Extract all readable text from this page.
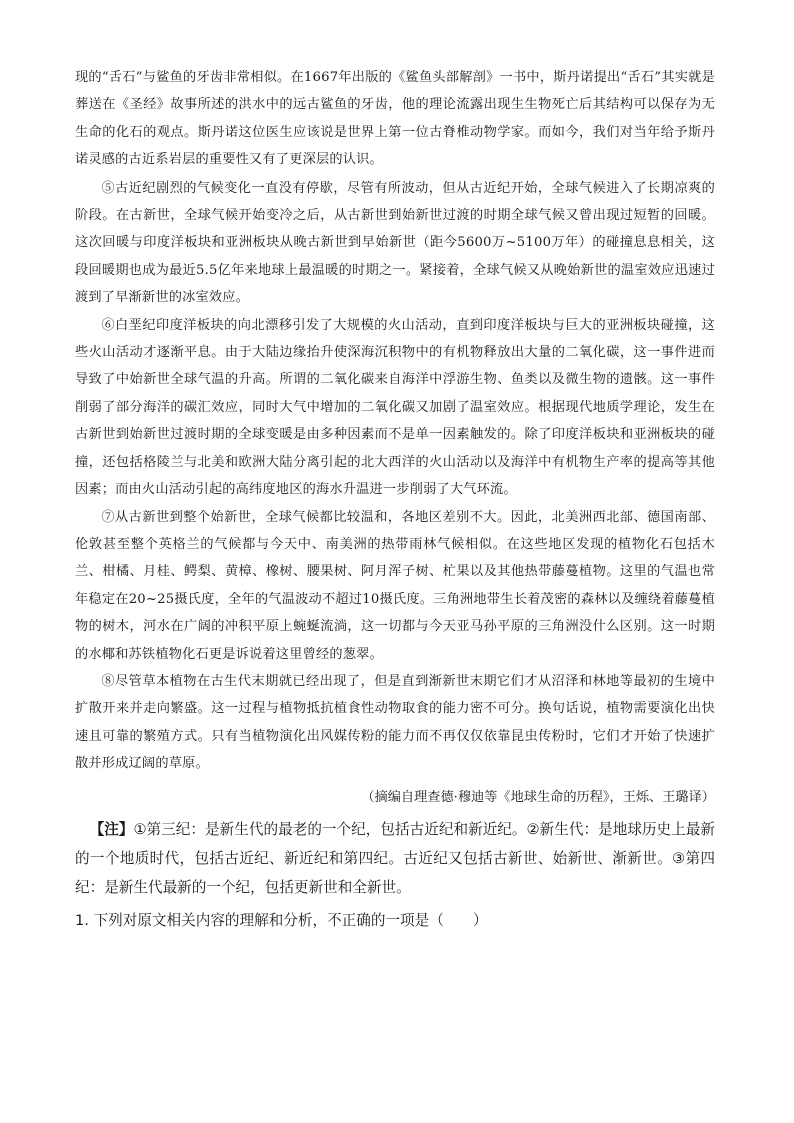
现的“舌石”与鲨鱼的牙齿非常相似。在1667年出版的《鲨鱼头部解剖》一书中，斯丹诺提出“舌石”其实就是葬送在《圣经》故事所述的洪水中的远古鲨鱼的牙齿，他的理论流露出现生生物死亡后其结构可以保存为无生命的化石的观点。斯丹诺这位医生应该说是世界上第一位古脊椎动物学家。而如今，我们对当年给予斯丹诺灵感的古近系岩层的重要性又有了更深层的认识。

⑤古近纪剧烈的气候变化一直没有停歇，尽管有所波动，但从古近纪开始，全球气候进入了长期凉爽的阶段。在古新世，全球气候开始变冷之后，从古新世到始新世过渡的时期全球气候又曾出现过短暂的回暖。这次回暖与印度洋板块和亚洲板块从晚古新世到早始新世（距今5600万~5100万年）的碰撞息息相关，这段回暖期也成为最近5.5亿年来地球上最温暖的时期之一。紧接着，全球气候又从晚始新世的温室效应迅速过渡到了早渐新世的冰室效应。

⑥白垩纪印度洋板块的向北漂移引发了大规模的火山活动，直到印度洋板块与巨大的亚洲板块碰撞，这些火山活动才逐渐平息。由于大陆边缘抬升使深海沉积物中的有机物释放出大量的二氧化碳，这一事件进而导致了中始新世全球气温的升高。所谓的二氧化碳来自海洋中浮游生物、鱼类以及微生物的遗骸。这一事件削弱了部分海洋的碳汇效应，同时大气中增加的二氧化碳又加剧了温室效应。根据现代地质学理论，发生在古新世到始新世过渡时期的全球变暖是由多种因素而不是单一因素触发的。除了印度洋板块和亚洲板块的碰撞，还包括格陵兰与北美和欧洲大陆分离引起的北大西洋的火山活动以及海洋中有机物生产率的提高等其他因素；而由火山活动引起的高纬度地区的海水升温进一步削弱了大气环流。

⑦从古新世到整个始新世，全球气候都比较温和，各地区差别不大。因此，北美洲西北部、德国南部、伦敦甚至整个英格兰的气候都与今天中、南美洲的热带雨林气候相似。在这些地区发现的植物化石包括木兰、柑橘、月桂、鳄梨、黄樟、橡树、腰果树、阿月浑子树、杧果以及其他热带藤蔓植物。这里的气温也常年稳定在20~25摄氏度，全年的气温波动不超过10摄氏度。三角洲地带生长着茂密的森林以及缠绕着藤蔓植物的树木，河水在广阔的冲积平原上蜿蜒流淌，这一切都与今天亚马孙平原的三角洲没什么区别。这一时期的水椰和苏铁植物化石更是诉说着这里曾经的葱翠。

⑧尽管草本植物在古生代末期就已经出现了，但是直到渐新世末期它们才从沼泽和林地等最初的生境中扩散开来并走向繁盛。这一过程与植物抵抗植食性动物取食的能力密不可分。换句话说，植物需要演化出快速且可靠的繁殖方式。只有当植物演化出风媒传粉的能力而不再仅仅依靠昆虫传粉时，它们才开始了快速扩散并形成辽阔的草原。

（摘编自理查德·穆迪等《地球生命的历程》，王烁、王璐译）

【注】①第三纪：是新生代的最老的一个纪，包括古近纪和新近纪。②新生代：是地球历史上最新的一个地质时代，包括古近纪、新近纪和第四纪。古近纪又包括古新世、始新世、渐新世。③第四纪：是新生代最新的一个纪，包括更新世和全新世。

1. 下列对原文相关内容的理解和分析，不正确的一项是（　　）
